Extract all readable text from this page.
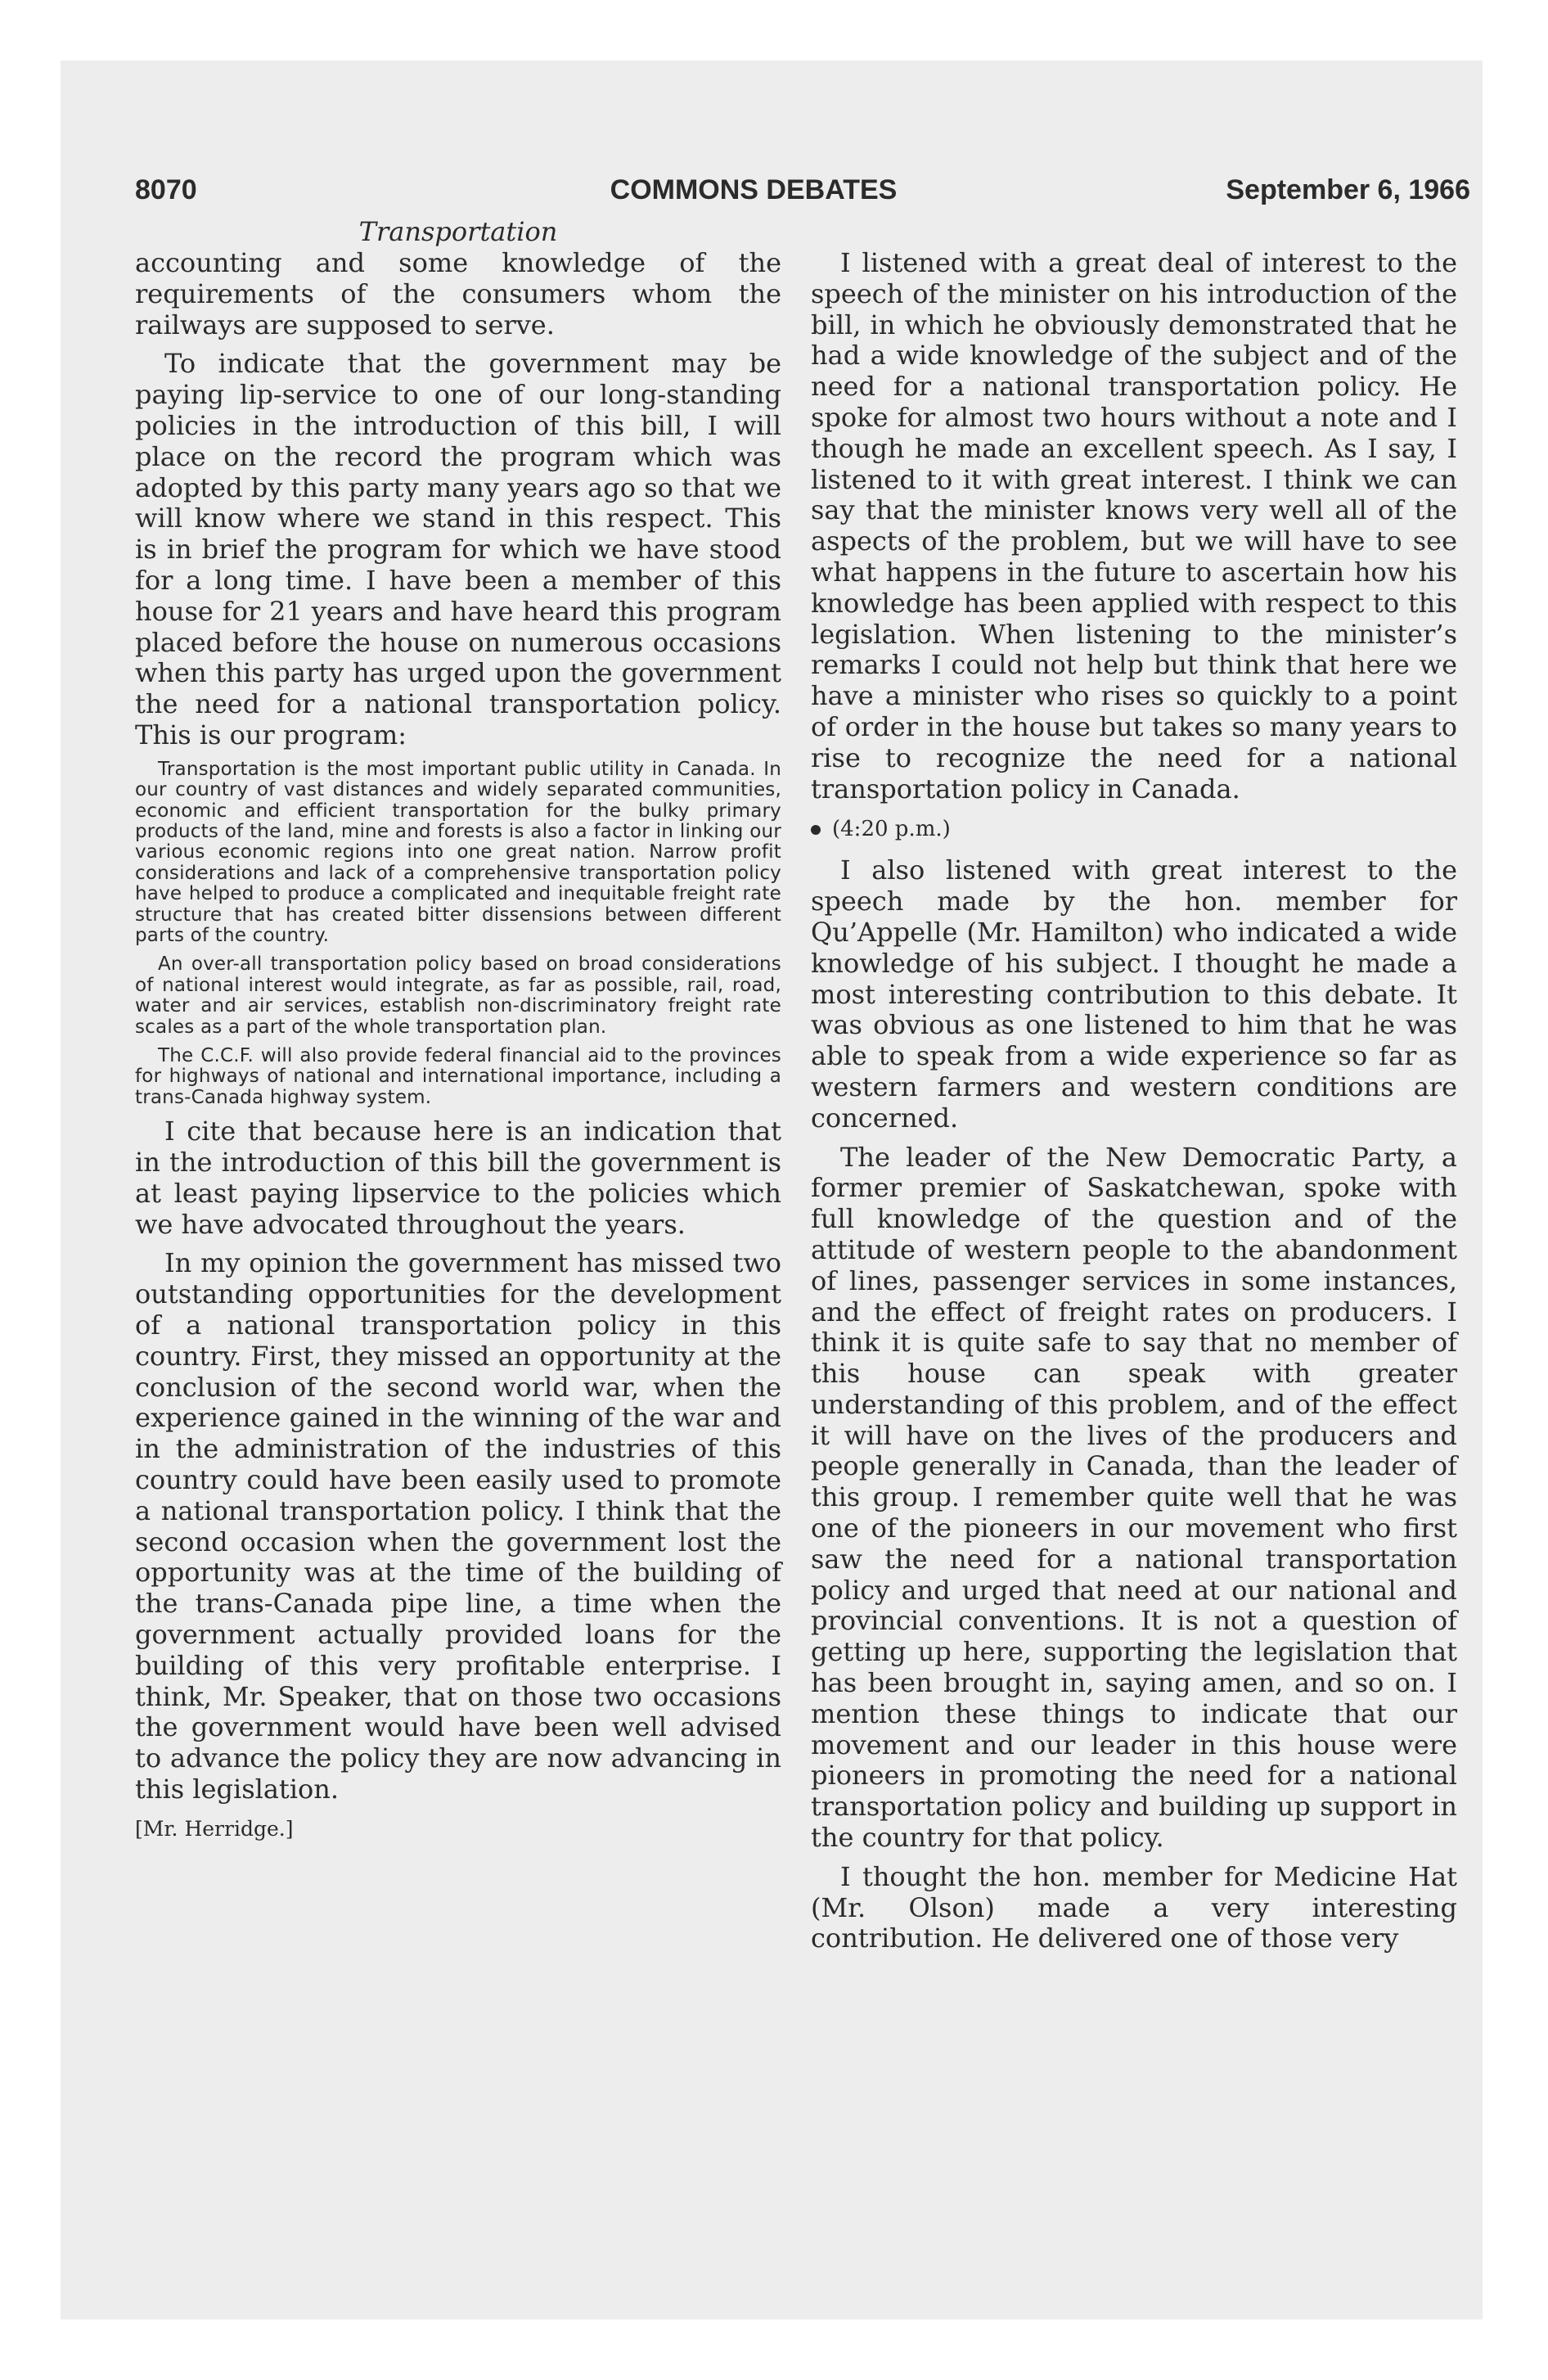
8070	COMMONS DEBATES	September 6, 1966
Transportation

accounting and some knowledge of the requirements of the consumers whom the railways are supposed to serve.

To indicate that the government may be paying lip-service to one of our long-standing policies in the introduction of this bill, I will place on the record the program which was adopted by this party many years ago so that we will know where we stand in this respect. This is in brief the program for which we have stood for a long time. I have been a member of this house for 21 years and have heard this program placed before the house on numerous occasions when this party has urged upon the government the need for a national transportation policy. This is our program:

Transportation is the most important public utility in Canada. In our country of vast distances and widely separated communities, economic and efficient transportation for the bulky primary products of the land, mine and forests is also a factor in linking our various economic regions into one great nation. Narrow profit considerations and lack of a comprehensive transportation policy have helped to produce a complicated and inequitable freight rate structure that has created bitter dissensions between different parts of the country.

An over-all transportation policy based on broad considerations of national interest would integrate, as far as possible, rail, road, water and air services, establish non-discriminatory freight rate scales as a part of the whole transportation plan.

The C.C.F. will also provide federal financial aid to the provinces for highways of national and international importance, including a trans-Canada highway system.

I cite that because here is an indication that in the introduction of this bill the government is at least paying lipservice to the policies which we have advocated throughout the years.

In my opinion the government has missed two outstanding opportunities for the development of a national transportation policy in this country. First, they missed an opportunity at the conclusion of the second world war, when the experience gained in the winning of the war and in the administration of the industries of this country could have been easily used to promote a national transportation policy. I think that the second occasion when the government lost the opportunity was at the time of the building of the trans-Canada pipe line, a time when the government actually provided loans for the building of this very profitable enterprise. I think, Mr. Speaker, that on those two occasions the government would have been well advised to advance the policy they are now advancing in this legislation.

[Mr. Herridge.]

I listened with a great deal of interest to the speech of the minister on his introduction of the bill, in which he obviously demonstrated that he had a wide knowledge of the subject and of the need for a national transportation policy. He spoke for almost two hours without a note and I though he made an excellent speech. As I say, I listened to it with great interest. I think we can say that the minister knows very well all of the aspects of the problem, but we will have to see what happens in the future to ascertain how his knowledge has been applied with respect to this legislation. When listening to the minister’s remarks I could not help but think that here we have a minister who rises so quickly to a point of order in the house but takes so many years to rise to recognize the need for a national transportation policy in Canada.

(4:20 p.m.)

I also listened with great interest to the speech made by the hon. member for Qu’Appelle (Mr. Hamilton) who indicated a wide knowledge of his subject. I thought he made a most interesting contribution to this debate. It was obvious as one listened to him that he was able to speak from a wide experience so far as western farmers and western conditions are concerned.

The leader of the New Democratic Party, a former premier of Saskatchewan, spoke with full knowledge of the question and of the attitude of western people to the abandonment of lines, passenger services in some instances, and the effect of freight rates on producers. I think it is quite safe to say that no member of this house can speak with greater understanding of this problem, and of the effect it will have on the lives of the producers and people generally in Canada, than the leader of this group. I remember quite well that he was one of the pioneers in our movement who first saw the need for a national transportation policy and urged that need at our national and provincial conventions. It is not a question of getting up here, supporting the legislation that has been brought in, saying amen, and so on. I mention these things to indicate that our movement and our leader in this house were pioneers in promoting the need for a national transportation policy and building up support in the country for that policy.

I thought the hon. member for Medicine Hat (Mr. Olson) made a very interesting contribution. He delivered one of those very
